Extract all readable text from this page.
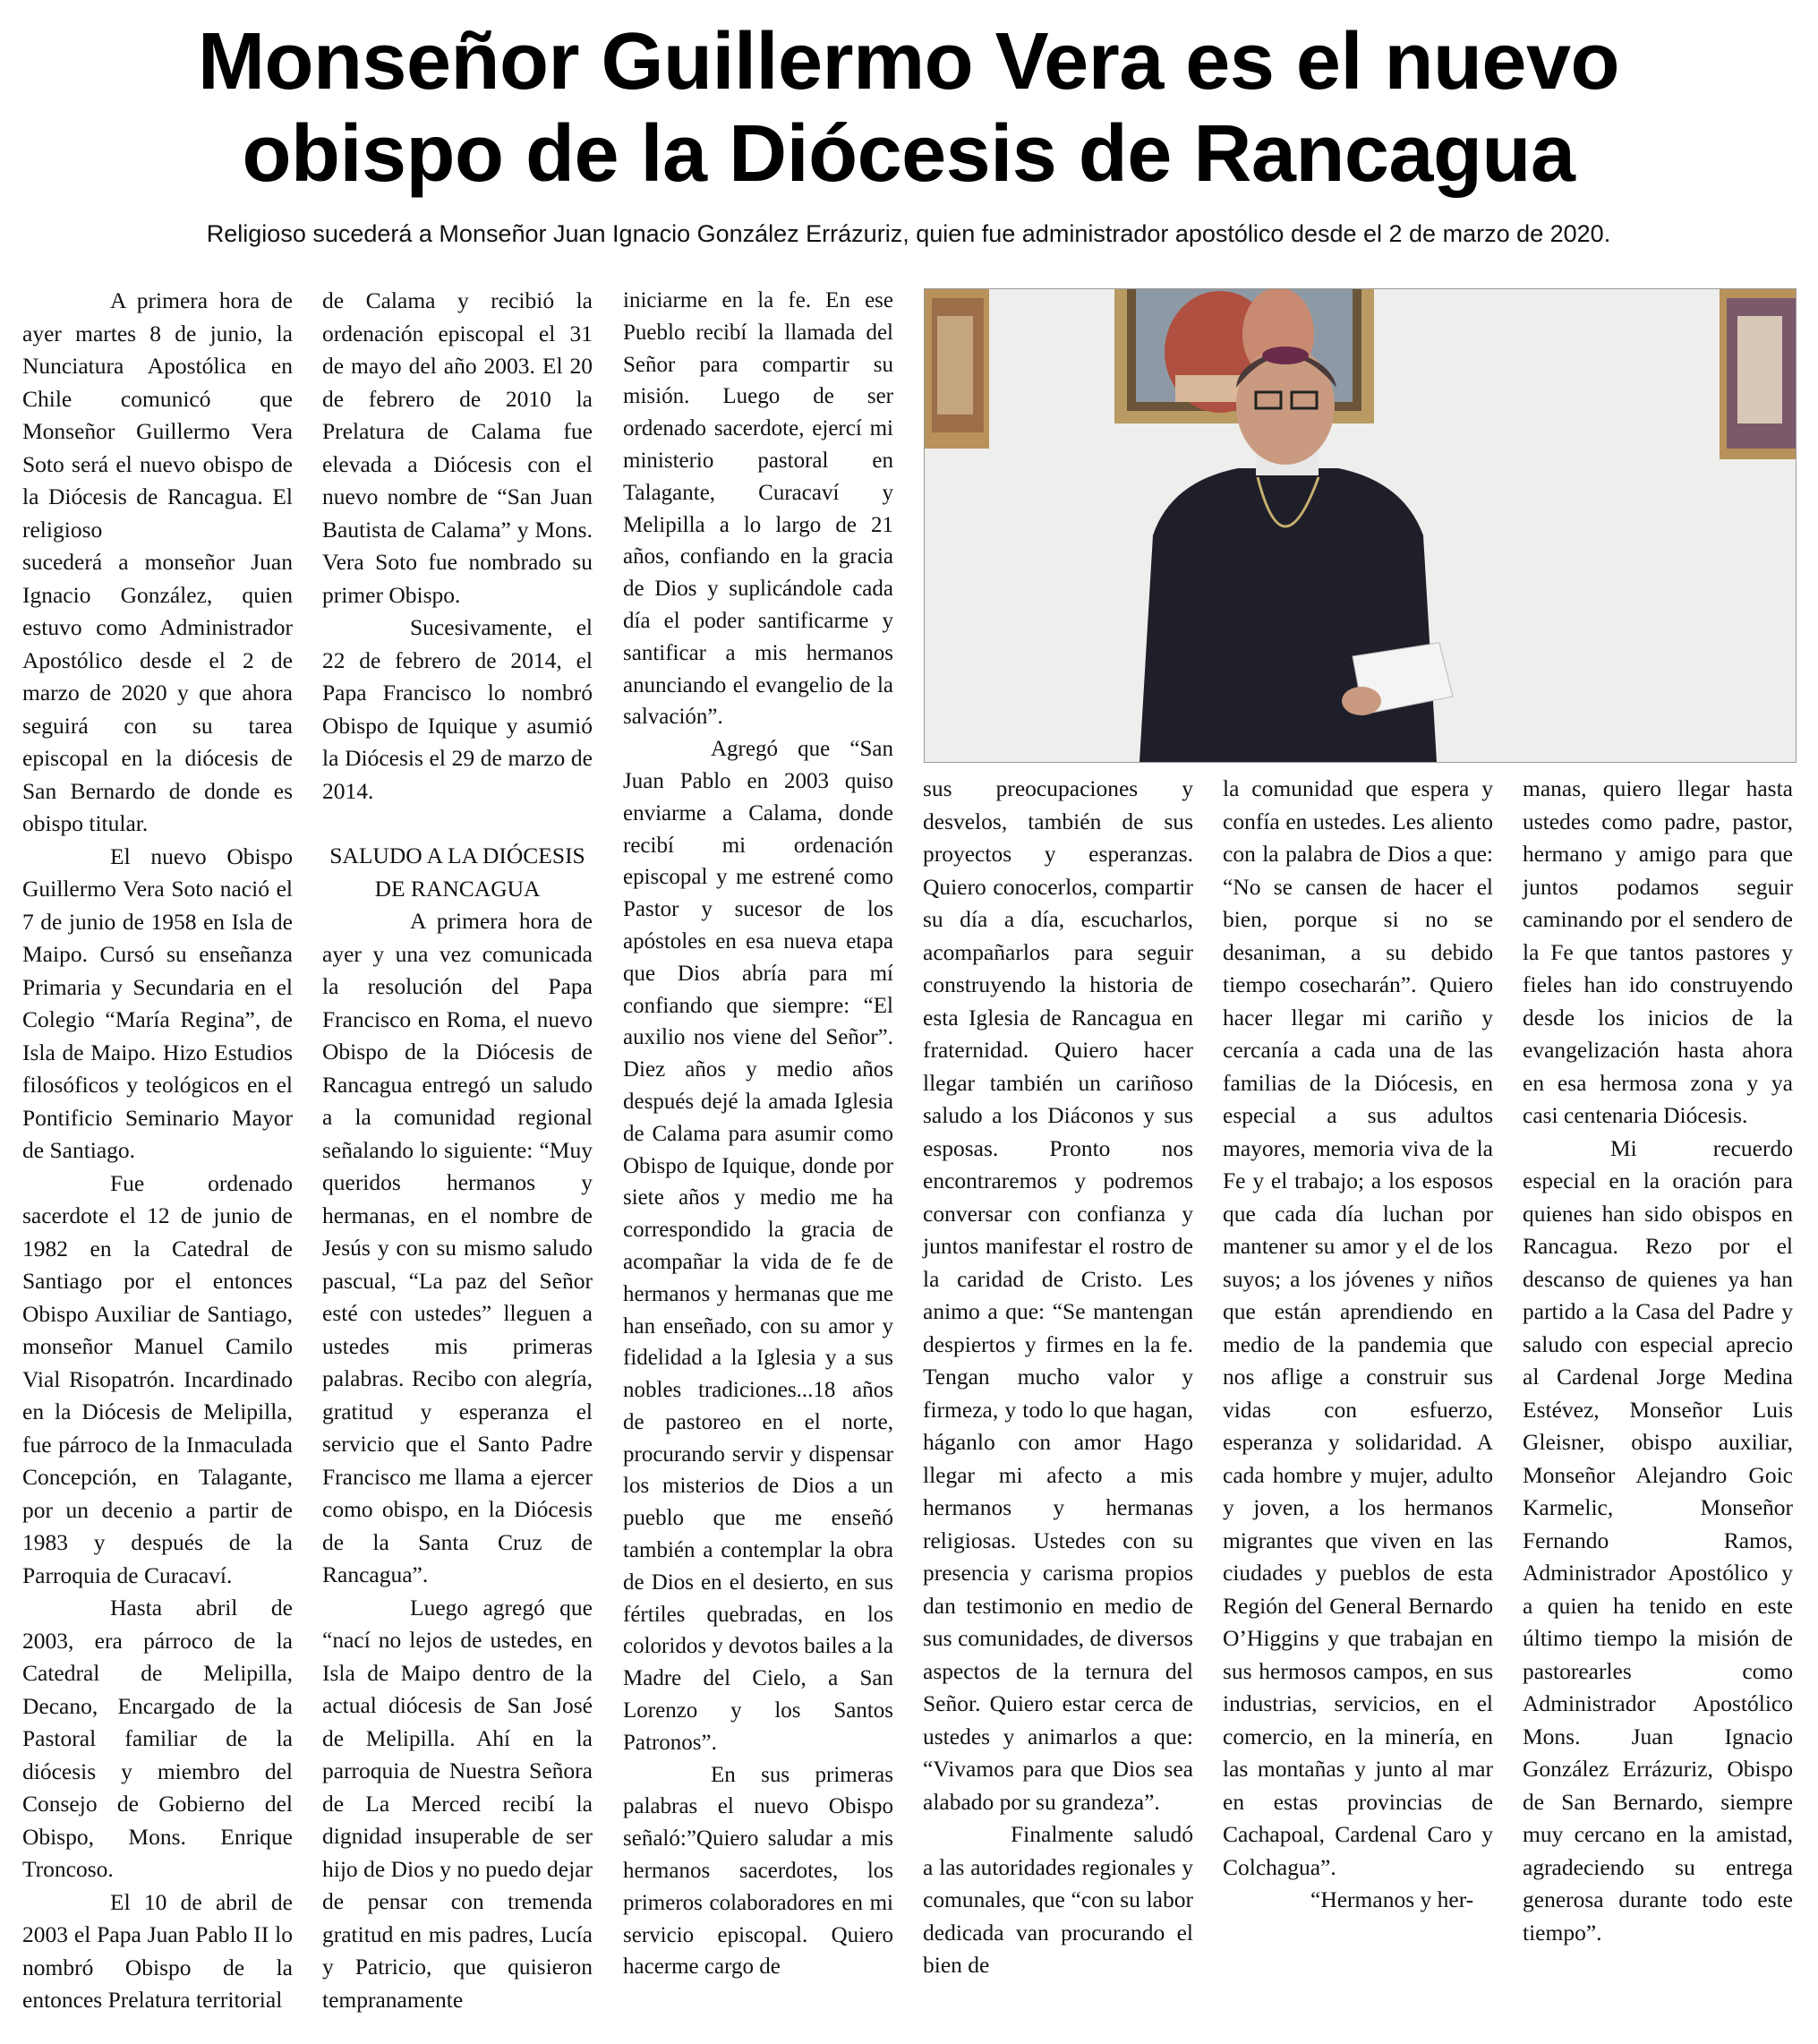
Monseñor Guillermo Vera es el nuevo
obispo de la Diócesis de Rancagua
Religioso sucederá a Monseñor Juan Ignacio González Errázuriz, quien fue administrador apostólico desde el 2 de marzo de 2020.

A primera hora de ayer martes 8 de junio, la Nunciatura Apostólica en Chile comunicó que Monseñor Guillermo Vera Soto será el nuevo obispo de la Diócesis de Rancagua. El religioso

sucederá a monseñor Juan Ignacio González, quien estuvo como Administrador Apostólico desde el 2 de marzo de 2020 y que ahora seguirá con su tarea episcopal en la diócesis de San Bernardo de donde es obispo titular.

El nuevo Obispo Guillermo Vera Soto nació el 7 de junio de 1958 en Isla de Maipo. Cursó su enseñanza Primaria y Secundaria en el Colegio “María Regina”, de Isla de Maipo. Hizo Estudios filosóficos y teológicos en el Pontificio Seminario Mayor de Santiago.

Fue ordenado sacerdote el 12 de junio de 1982 en la Catedral de Santiago por el entonces Obispo Auxiliar de Santiago, monseñor Manuel Camilo Vial Risopatrón. Incardinado en la Diócesis de Melipilla, fue párroco de la Inmaculada Concepción, en Talagante, por un decenio a partir de 1983 y después de la Parroquia de Curacaví.

Hasta abril de 2003, era párroco de la Catedral de Melipilla, Decano, Encargado de la Pastoral familiar de la diócesis y miembro del Consejo de Gobierno del Obispo, Mons. Enrique Troncoso.

El 10 de abril de 2003 el Papa Juan Pablo II lo nombró Obispo de la entonces Prelatura territorial

de Calama y recibió la ordenación episcopal el 31 de mayo del año 2003. El 20 de febrero de 2010 la Prelatura de Calama fue elevada a Diócesis con el nuevo nombre de “San Juan Bautista de Calama” y Mons. Vera Soto fue nombrado su primer Obispo.

Sucesivamente, el 22 de febrero de 2014, el Papa Francisco lo nombró Obispo de Iquique y asumió la Diócesis el 29 de marzo de 2014.

SALUDO A LA DIÓCESIS DE RANCAGUA

A primera hora de ayer y una vez comunicada la resolución del Papa Francisco en Roma, el nuevo Obispo de la Diócesis de Rancagua entregó un saludo a la comunidad regional señalando lo siguiente: “Muy queridos hermanos y hermanas, en el nombre de Jesús y con su mismo saludo pascual, “La paz del Señor esté con ustedes” lleguen a ustedes mis primeras palabras. Recibo con alegría, gratitud y esperanza el servicio que el Santo Padre Francisco me llama a ejercer como obispo, en la Diócesis de la Santa Cruz de Rancagua”.

Luego agregó que “nací no lejos de ustedes, en Isla de Maipo dentro de la actual diócesis de San José de Melipilla. Ahí en la parroquia de Nuestra Señora de La Merced recibí la dignidad insuperable de ser hijo de Dios y no puedo dejar de pensar con tremenda gratitud en mis padres, Lucía y Patricio, que quisieron tempranamente

iniciarme en la fe. En ese Pueblo recibí la llamada del Señor para compartir su misión. Luego de ser ordenado sacerdote, ejercí mi ministerio pastoral en Talagante, Curacaví y Melipilla a lo largo de 21 años, confiando en la gracia de Dios y suplicándole cada día el poder santificarme y santificar a mis hermanos anunciando el evangelio de la salvación”.

Agregó que “San Juan Pablo en 2003 quiso enviarme a Calama, donde recibí mi ordenación episcopal y me estrené como Pastor y sucesor de los apóstoles en esa nueva etapa que Dios abría para mí confiando que siempre: “El auxilio nos viene del Señor”. Diez años y medio años después dejé la amada Iglesia de Calama para asumir como Obispo de Iquique, donde por siete años y medio me ha correspondido la gracia de acompañar la vida de fe de hermanos y hermanas que me han enseñado, con su amor y fidelidad a la Iglesia y a sus nobles tradiciones...18 años de pastoreo en el norte, procurando servir y dispensar los misterios de Dios a un pueblo que me enseñó también a contemplar la obra de Dios en el desierto, en sus fértiles quebradas, en los coloridos y devotos bailes a la Madre del Cielo, a San Lorenzo y los Santos Patronos”.

En sus primeras palabras el nuevo Obispo señaló:”Quiero saludar a mis hermanos sacerdotes, los primeros colaboradores en mi servicio episcopal. Quiero hacerme cargo de

sus preocupaciones y desvelos, también de sus proyectos y esperanzas. Quiero conocerlos, compartir su día a día, escucharlos, acompañarlos para seguir construyendo la historia de esta Iglesia de Rancagua en fraternidad. Quiero hacer llegar también un cariñoso saludo a los Diáconos y sus esposas. Pronto nos encontraremos y podremos conversar con confianza y juntos manifestar el rostro de la caridad de Cristo. Les animo a que: “Se mantengan despiertos y firmes en la fe. Tengan mucho valor y firmeza, y todo lo que hagan, háganlo con amor Hago llegar mi afecto a mis hermanos y hermanas religiosas. Ustedes con su presencia y carisma propios dan testimonio en medio de sus comunidades, de diversos aspectos de la ternura del Señor. Quiero estar cerca de ustedes y animarlos a que: “Vivamos para que Dios sea alabado por su grandeza”.

Finalmente saludó a las autoridades regionales y comunales, que “con su labor dedicada van procurando el bien de

la comunidad que espera y confía en ustedes. Les aliento con la palabra de Dios a que: “No se cansen de hacer el bien, porque si no se desaniman, a su debido tiempo cosecharán”. Quiero hacer llegar mi cariño y cercanía a cada una de las familias de la Diócesis, en especial a sus adultos mayores, memoria viva de la Fe y el trabajo; a los esposos que cada día luchan por mantener su amor y el de los suyos; a los jóvenes y niños que están aprendiendo en medio de la pandemia que nos aflige a construir sus vidas con esfuerzo, esperanza y solidaridad. A cada hombre y mujer, adulto y joven, a los hermanos migrantes que viven en las ciudades y pueblos de esta Región del General Bernardo O’Higgins y que trabajan en sus hermosos campos, en sus industrias, servicios, en el comercio, en la minería, en las montañas y junto al mar en estas provincias de Cachapoal, Cardenal Caro y Colchagua”.

“Hermanos y her-

manas, quiero llegar hasta ustedes como padre, pastor, hermano y amigo para que juntos podamos seguir caminando por el sendero de la Fe que tantos pastores y fieles han ido construyendo desde los inicios de la evangelización hasta ahora en esa hermosa zona y ya casi centenaria Diócesis.

Mi recuerdo especial en la oración para quienes han sido obispos en Rancagua. Rezo por el descanso de quienes ya han partido a la Casa del Padre y saludo con especial aprecio al Cardenal Jorge Medina Estévez, Monseñor Luis Gleisner, obispo auxiliar, Monseñor Alejandro Goic Karmelic, Monseñor Fernando Ramos, Administrador Apostólico y a quien ha tenido en este último tiempo la misión de pastorearles como Administrador Apostólico Mons. Juan Ignacio González Errázuriz, Obispo de San Bernardo, siempre muy cercano en la amistad, agradeciendo su entrega generosa durante todo este tiempo”.
